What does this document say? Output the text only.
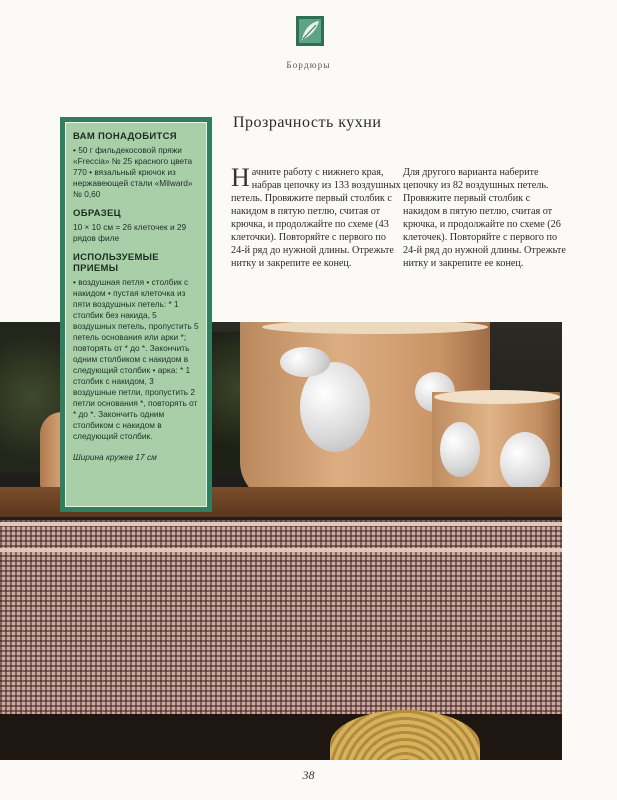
Бордюры
Прозрачность кухни
Начните работу с нижнего края, набрав цепочку из 133 воздушных петель. Провяжите первый столбик с накидом в пятую петлю, считая от крючка, и продолжайте по схеме (43 клеточки). Повторяйте с первого по 24-й ряд до нужной длины. Отрежьте нитку и закрепите ее конец.
Для другого варианта наберите цепочку из 82 воздушных петель. Провяжите первый столбик с накидом в пятую петлю, считая от крючка, и продолжайте по схеме (26 клеточек). Повторяйте с первого по 24-й ряд до нужной длины. Отрежьте нитку и закрепите ее конец.
ВАМ ПОНАДОБИТСЯ

• 50 г фильдекосовой пряжи «Freccia» № 25 красного цвета 770 • вязальный крючок из нержавеющей стали «Milward» № 0,60

ОБРАЗЕЦ

10 × 10 см = 26 клеточек и 29 рядов филе

ИСПОЛЬЗУЕМЫЕ ПРИЕМЫ

• воздушная петля • столбик с накидом • пустая клеточка из пяти воздушных петель: * 1 столбик без накида, 5 воздушных петель, пропустить 5 петель основания или арки *; повторять от * до *. Закончить одним столбиком с накидом в следующий столбик • арка: * 1 столбик с накидом, 3 воздушные петли, пропустить 2 петли основания *, повторять от * до *. Закончить одним столбиком с накидом в следующий столбик.

Ширина кружев 17 см

38
